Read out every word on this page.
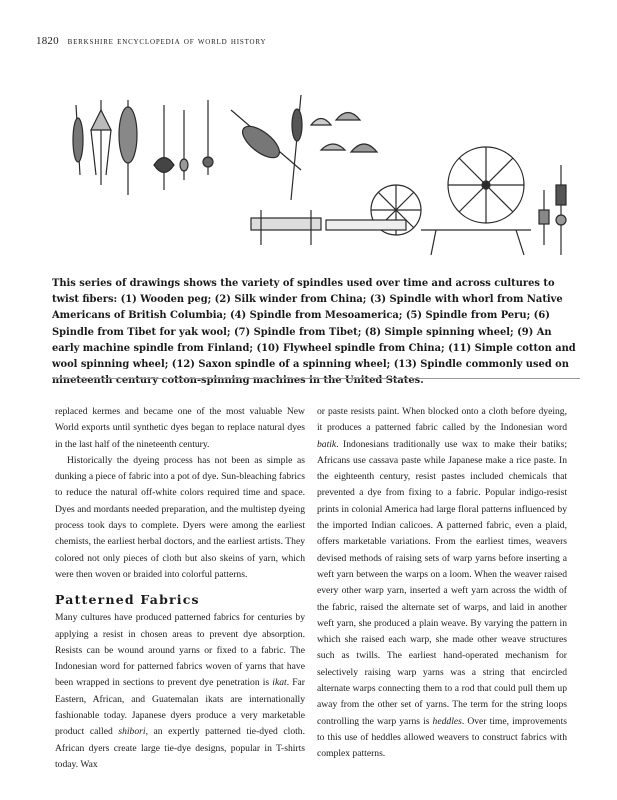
1820 berkshire encyclopedia of world history
This series of drawings shows the variety of spindles used over time and across cultures to twist fibers: (1) Wooden peg; (2) Silk winder from China; (3) Spindle with whorl from Native Americans of British Columbia; (4) Spindle from Mesoamerica; (5) Spindle from Peru; (6) Spindle from Tibet for yak wool; (7) Spindle from Tibet; (8) Simple spinning wheel; (9) An early machine spindle from Finland; (10) Flywheel spindle from China; (11) Simple cotton and wool spinning wheel; (12) Saxon spindle of a spinning wheel; (13) Spindle commonly used on nineteenth century cotton-spinning machines in the United States.

replaced kermes and became one of the most valuable New World exports until synthetic dyes began to replace natural dyes in the last half of the nineteenth century.

Historically the dyeing process has not been as simple as dunking a piece of fabric into a pot of dye. Sun-bleaching fabrics to reduce the natural off-white colors required time and space. Dyes and mordants needed preparation, and the multistep dyeing process took days to complete. Dyers were among the earliest chemists, the earliest herbal doctors, and the earliest artists. They colored not only pieces of cloth but also skeins of yarn, which were then woven or braided into colorful patterns.

Patterned Fabrics

Many cultures have produced patterned fabrics for centuries by applying a resist in chosen areas to prevent dye absorption. Resists can be wound around yarns or fixed to a fabric. The Indonesian word for patterned fabrics woven of yarns that have been wrapped in sections to prevent dye penetration is ikat. Far Eastern, African, and Guatemalan ikats are internationally fashionable today. Japanese dyers produce a very marketable product called shibori, an expertly patterned tie-dyed cloth. African dyers create large tie-dye designs, popular in T-shirts today. Wax

or paste resists paint. When blocked onto a cloth before dyeing, it produces a patterned fabric called by the Indonesian word batik. Indonesians traditionally use wax to make their batiks; Africans use cassava paste while Japanese make a rice paste. In the eighteenth century, resist pastes included chemicals that prevented a dye from fixing to a fabric. Popular indigo-resist prints in colonial America had large floral patterns influenced by the imported Indian calicoes. A patterned fabric, even a plaid, offers marketable variations. From the earliest times, weavers devised methods of raising sets of warp yarns before inserting a weft yarn between the warps on a loom. When the weaver raised every other warp yarn, inserted a weft yarn across the width of the fabric, raised the alternate set of warps, and laid in another weft yarn, she produced a plain weave. By varying the pattern in which she raised each warp, she made other weave structures such as twills. The earliest hand-operated mechanism for selectively raising warp yarns was a string that encircled alternate warps connecting them to a rod that could pull them up away from the other set of yarns. The term for the string loops controlling the warp yarns is heddles. Over time, improvements to this use of heddles allowed weavers to construct fabrics with complex patterns.
